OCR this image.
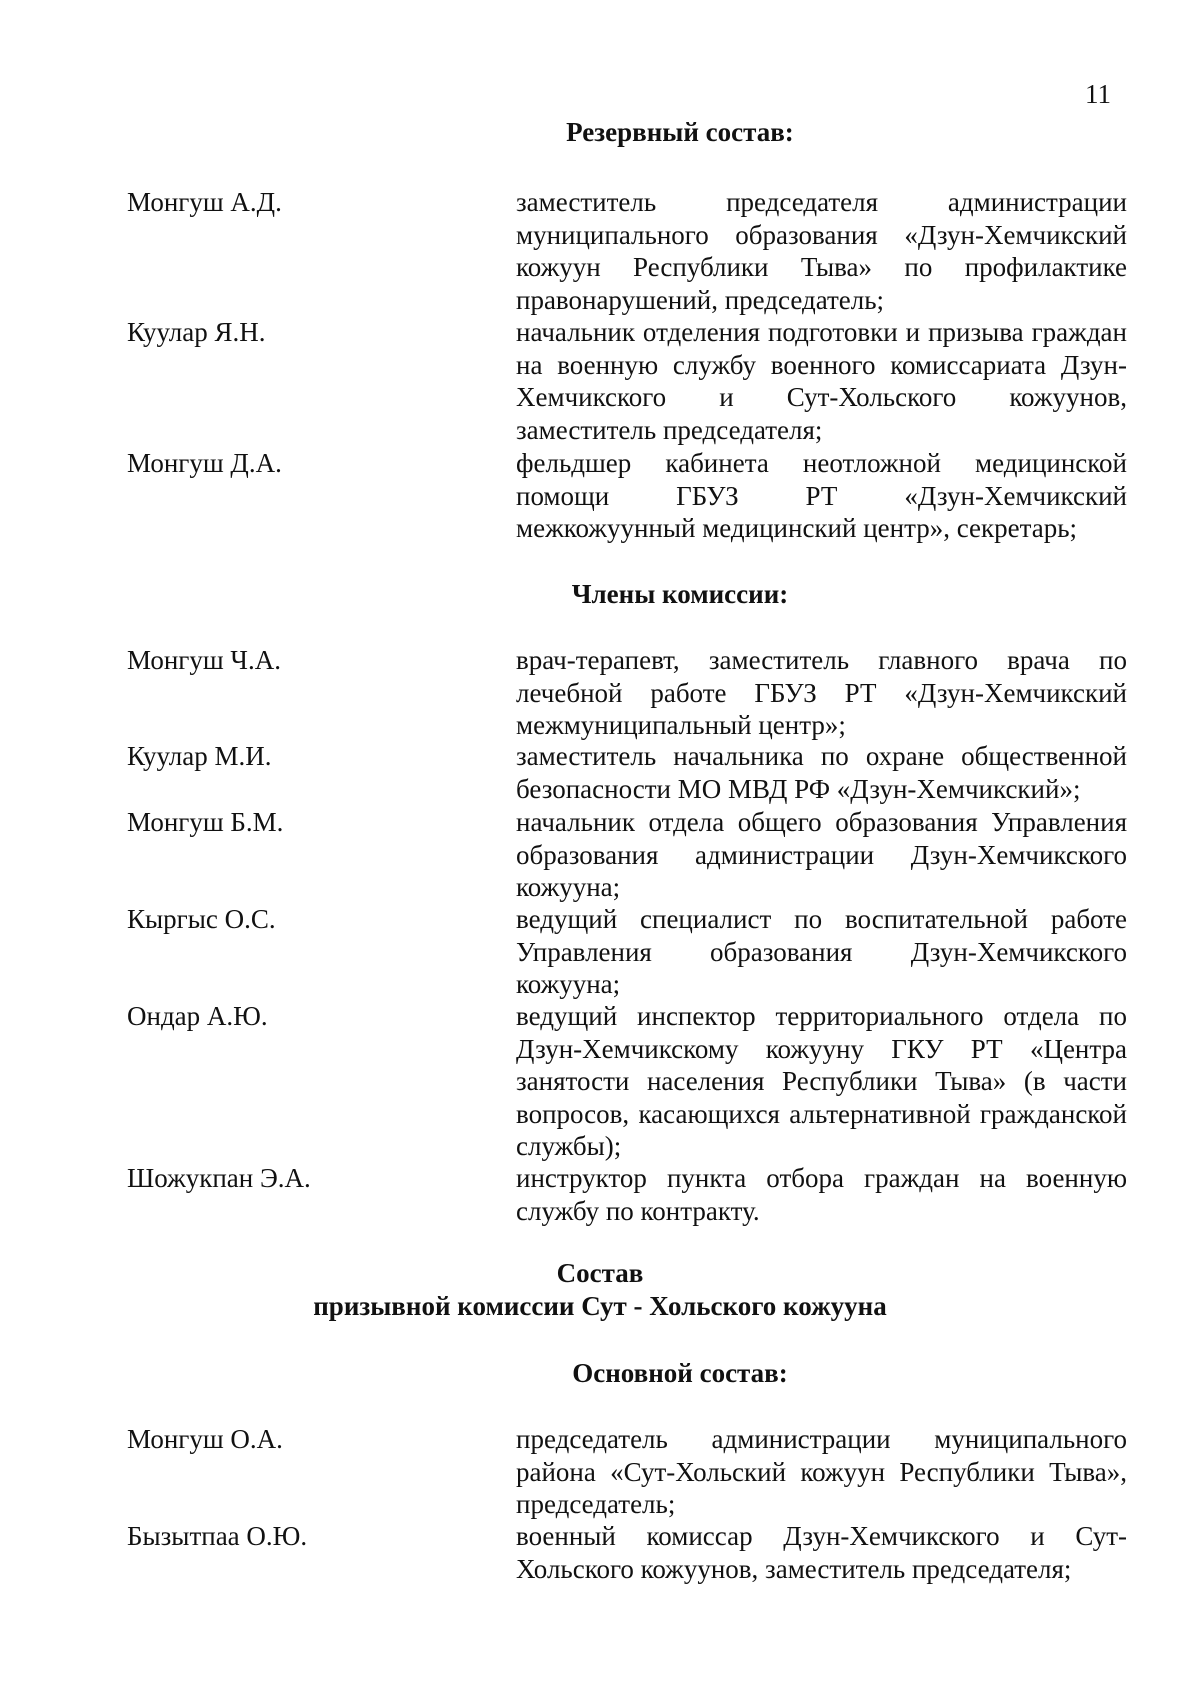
11
Резервный состав:
Монгуш А.Д.	заместитель председателя администрации муниципального образования «Дзун-Хемчикский кожуун Республики Тыва» по профилактике правонарушений, председатель;
Куулар Я.Н.	начальник отделения подготовки и призыва граждан на военную службу военного комиссариата Дзун-Хемчикского и Сут-Хольского кожуунов, заместитель председателя;
Монгуш Д.А.	фельдшер кабинета неотложной медицинской помощи ГБУЗ РТ «Дзун-Хемчикский межкожуунный медицинский центр», секретарь;
Члены комиссии:
Монгуш Ч.А.	врач-терапевт, заместитель главного врача по лечебной работе ГБУЗ РТ «Дзун-Хемчикский межмуниципальный центр»;
Куулар М.И.	заместитель начальника по охране общественной безопасности МО МВД РФ «Дзун-Хемчикский»;
Монгуш Б.М.	начальник отдела общего образования Управления образования администрации Дзун-Хемчикского кожууна;
Кыргыс О.С.	ведущий специалист по воспитательной работе Управления образования Дзун-Хемчикского кожууна;
Ондар А.Ю.	ведущий инспектор территориального отдела по Дзун-Хемчикскому кожууну ГКУ РТ «Центра занятости населения Республики Тыва» (в части вопросов, касающихся альтернативной гражданской службы);
Шожукпан Э.А.	инструктор пункта отбора граждан на военную службу по контракту.
Состав
призывной комиссии Сут - Хольского кожууна
Основной состав:
Монгуш О.А.	председатель администрации муниципального района «Сут-Хольский кожуун Республики Тыва», председатель;
Бызытпаа О.Ю.	военный комиссар Дзун-Хемчикского и Сут-Хольского кожуунов, заместитель председателя;
